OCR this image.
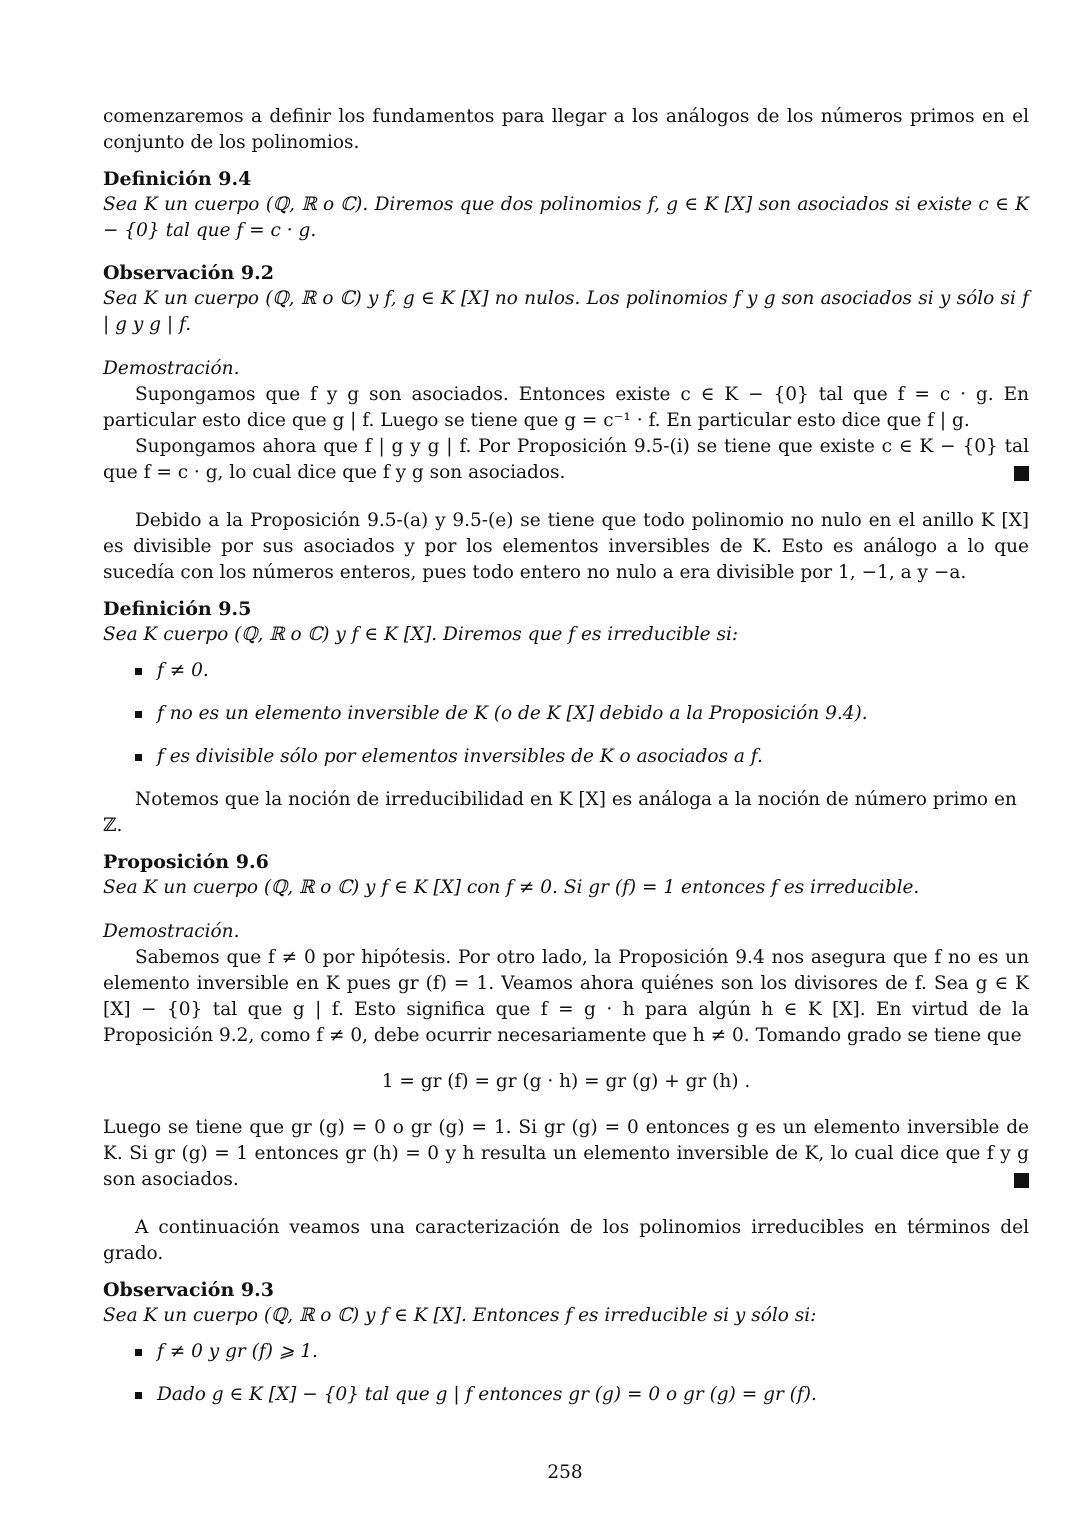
comenzaremos a definir los fundamentos para llegar a los análogos de los números primos en el conjunto de los polinomios.

Definición 9.4

Sea K un cuerpo (ℚ, ℝ o ℂ). Diremos que dos polinomios f, g ∈ K [X] son asociados si existe c ∈ K − {0} tal que f = c · g.

Observación 9.2

Sea K un cuerpo (ℚ, ℝ o ℂ) y f, g ∈ K [X] no nulos. Los polinomios f y g son asociados si y sólo si f | g y g | f.

Demostración.

Supongamos que f y g son asociados. Entonces existe c ∈ K − {0} tal que f = c · g. En particular esto dice que g | f. Luego se tiene que g = c⁻¹ · f. En particular esto dice que f | g.

Supongamos ahora que f | g y g | f. Por Proposición 9.5-(i) se tiene que existe c ∈ K − {0} tal que f = c · g, lo cual dice que f y g son asociados.

Debido a la Proposición 9.5-(a) y 9.5-(e) se tiene que todo polinomio no nulo en el anillo K [X] es divisible por sus asociados y por los elementos inversibles de K. Esto es análogo a lo que sucedía con los números enteros, pues todo entero no nulo a era divisible por 1, −1, a y −a.

Definición 9.5

Sea K cuerpo (ℚ, ℝ o ℂ) y f ∈ K [X]. Diremos que f es irreducible si:

f ≠ 0.
f no es un elemento inversible de K (o de K [X] debido a la Proposición 9.4).
f es divisible sólo por elementos inversibles de K o asociados a f.

Notemos que la noción de irreducibilidad en K [X] es análoga a la noción de número primo en ℤ.

Proposición 9.6

Sea K un cuerpo (ℚ, ℝ o ℂ) y f ∈ K [X] con f ≠ 0. Si gr (f) = 1 entonces f es irreducible.

Demostración.

Sabemos que f ≠ 0 por hipótesis. Por otro lado, la Proposición 9.4 nos asegura que f no es un elemento inversible en K pues gr (f) = 1. Veamos ahora quiénes son los divisores de f. Sea g ∈ K [X] − {0} tal que g | f. Esto significa que f = g · h para algún h ∈ K [X]. En virtud de la Proposición 9.2, como f ≠ 0, debe ocurrir necesariamente que h ≠ 0. Tomando grado se tiene que

1 = gr (f) = gr (g · h) = gr (g) + gr (h) .

Luego se tiene que gr (g) = 0 o gr (g) = 1. Si gr (g) = 0 entonces g es un elemento inversible de K. Si gr (g) = 1 entonces gr (h) = 0 y h resulta un elemento inversible de K, lo cual dice que f y g son asociados.

A continuación veamos una caracterización de los polinomios irreducibles en términos del grado.

Observación 9.3

Sea K un cuerpo (ℚ, ℝ o ℂ) y f ∈ K [X]. Entonces f es irreducible si y sólo si:

f ≠ 0 y gr (f) ⩾ 1.
Dado g ∈ K [X] − {0} tal que g | f entonces gr (g) = 0 o gr (g) = gr (f).
258
